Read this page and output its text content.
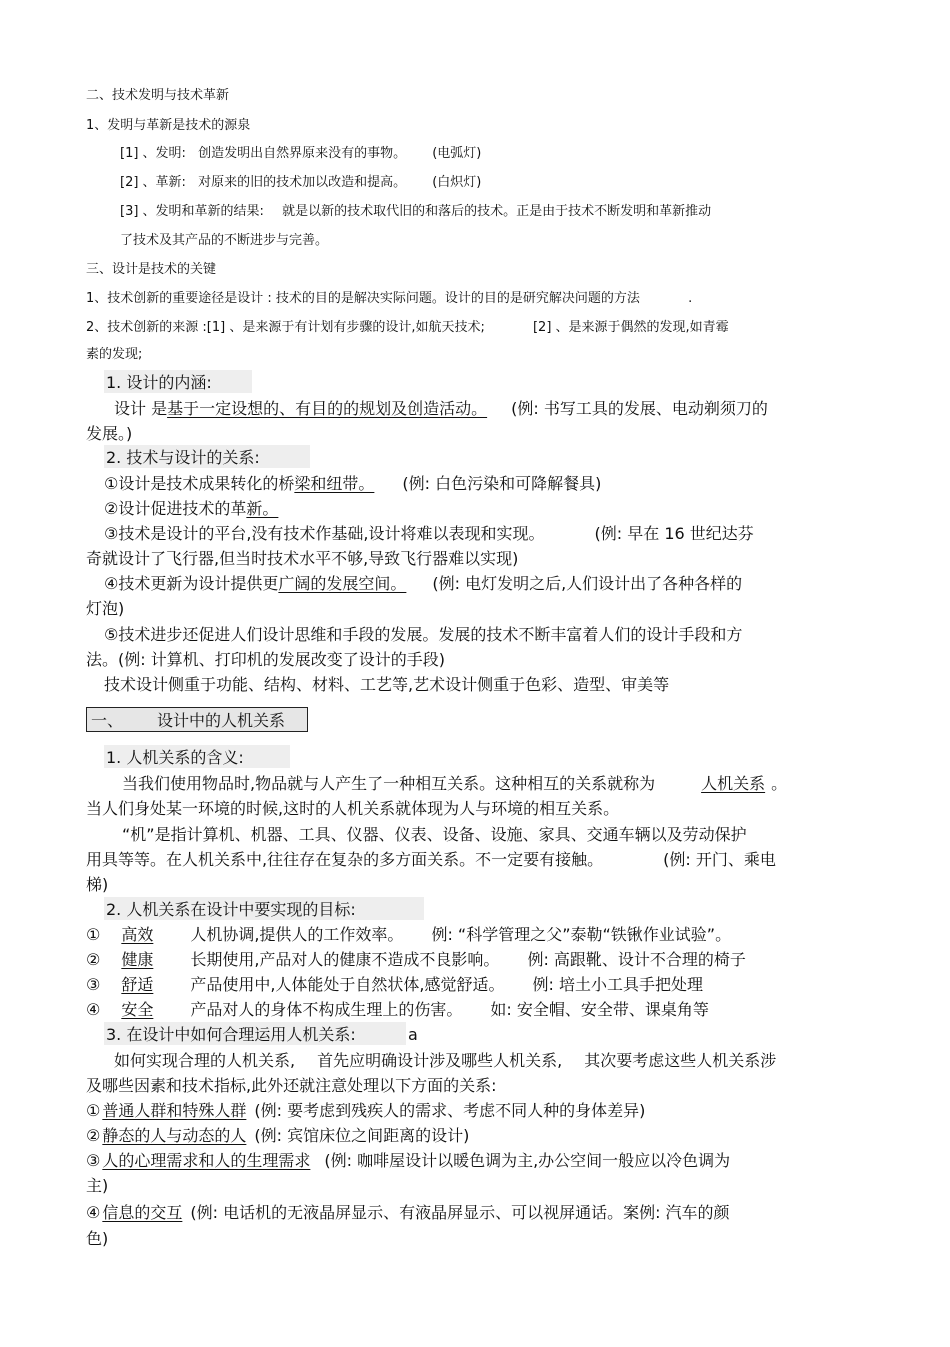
二、技术发明与技术革新
1、发明与革新是技术的源泉
[1] 、发明: 创造发明出自然界原来没有的事物。 (电弧灯)
[2] 、革新: 对原来的旧的技术加以改造和提高。 (白炽灯)
[3] 、发明和革新的结果: 就是以新的技术取代旧的和落后的技术。正是由于技术不断发明和革新推动
了技术及其产品的不断进步与完善。
三、设计是技术的关键
1、技术创新的重要途径是设计 : 技术的目的是解决实际问题。设计的目的是研究解决问题的方法	.
2、技术创新的来源 :[1] 、是来源于有计划有步骤的设计,如航天技术;	[2] 、是来源于偶然的发现,如青霉
素的发现;
1. 设计的内涵:
设计 是基于一定设想的、有目的的规划及创造活动。 (例: 书写工具的发展、电动剃须刀的
发展。)
2. 技术与设计的关系:
①设计是技术成果转化的桥梁和纽带。 (例: 白色污染和可降解餐具)
②设计促进技术的革新。
③技术是设计的平台,没有技术作基础,设计将难以表现和实现。	(例: 早在 16 世纪达芬
奇就设计了飞行器,但当时技术水平不够,导致飞行器难以实现)
④技术更新为设计提供更广阔的发展空间。 (例: 电灯发明之后,人们设计出了各种各样的
灯泡)
⑤技术进步还促进人们设计思维和手段的发展。发展的技术不断丰富着人们的设计手段和方
法。(例: 计算机、打印机的发展改变了设计的手段)
技术设计侧重于功能、结构、材料、工艺等,艺术设计侧重于色彩、造型、审美等
一、 设计中的人机关系
1. 人机关系的含义:
当我们使用物品时,物品就与人产生了一种相互关系。这种相互的关系就称为	人机关系 。
当人们身处某一环境的时候,这时的人机关系就体现为人与环境的相互关系。
“机”是指计算机、机器、工具、仪器、仪表、设备、设施、家具、交通车辆以及劳动保护
用具等等。在人机关系中,往往存在复杂的多方面关系。不一定要有接触。	(例: 开门、乘电
梯)
2. 人机关系在设计中要实现的目标:
① 高效 人机协调,提供人的工作效率。 例: “科学管理之父”泰勒“铁锹作业试验”。
② 健康 长期使用,产品对人的健康不造成不良影响。 例: 高跟靴、设计不合理的椅子
③ 舒适 产品使用中,人体能处于自然状体,感觉舒适。 例: 培土小工具手把处理
④ 安全 产品对人的身体不构成生理上的伤害。 如: 安全帽、安全带、课桌角等
3. 在设计中如何合理运用人机关系:	a
如何实现合理的人机关系, 首先应明确设计涉及哪些人机关系, 其次要考虑这些人机关系涉
及哪些因素和技术指标,此外还就注意处理以下方面的关系:
① 普通人群和特殊人群 (例: 要考虑到残疾人的需求、考虑不同人种的身体差异)
② 静态的人与动态的人 (例: 宾馆床位之间距离的设计)
③ 人的心理需求和人的生理需求 (例: 咖啡屋设计以暖色调为主,办公空间一般应以冷色调为
主)
④ 信息的交互 (例: 电话机的无液晶屏显示、有液晶屏显示、可以视屏通话。案例: 汽车的颜
色)
